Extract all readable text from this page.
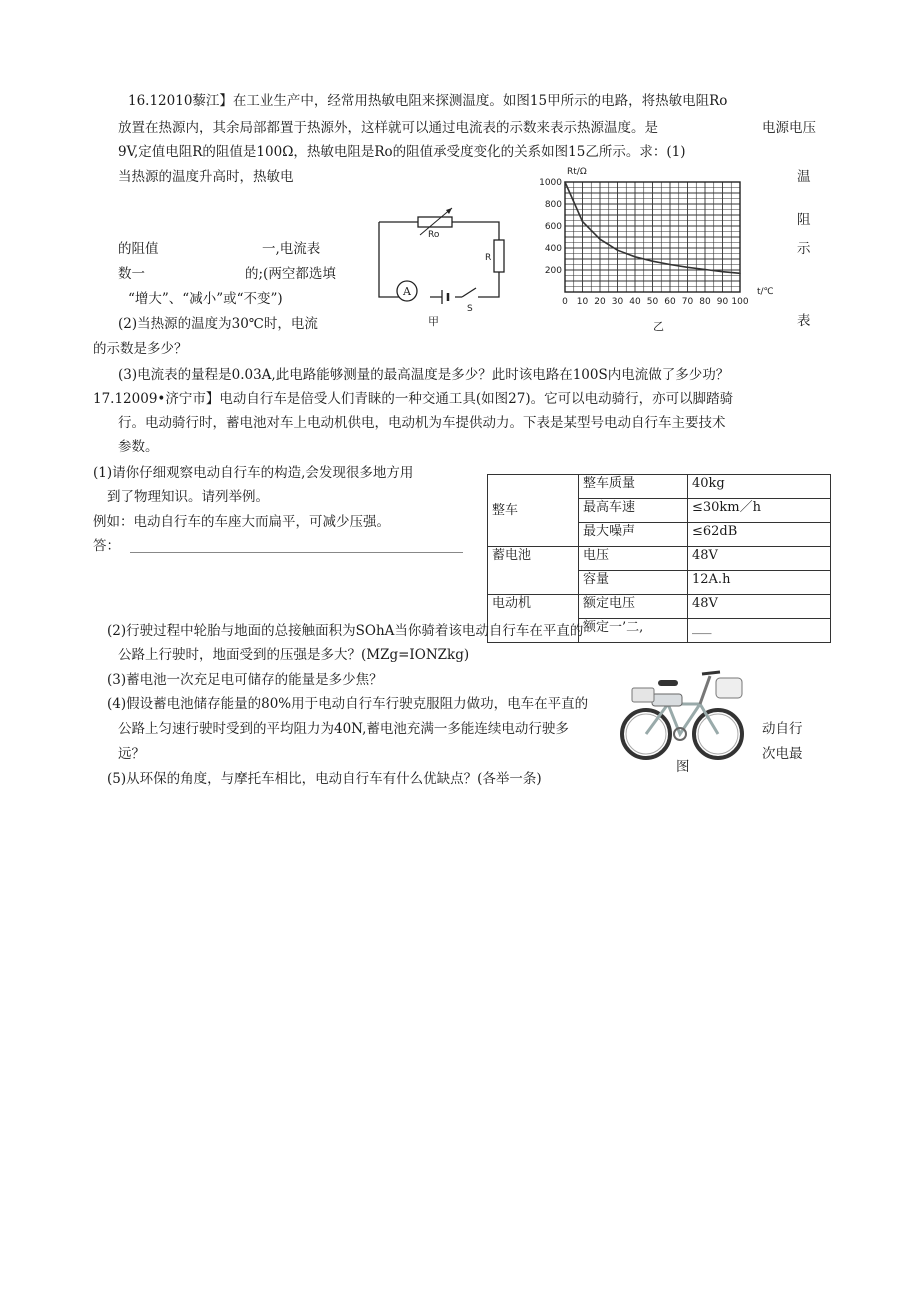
16.12010藜江】在工业生产中，经常用热敏电阻来探测温度。如图15甲所示的电路，将热敏电阻Ro
放置在热源内，其余局部都置于热源外，这样就可以通过电流表的示数来表示热源温度。是	电源电压
9V,定值电阻R的阻值是100Ω，热敏电阻是Ro的阻值承受度变化的关系如图15乙所示。求：(1)
当热源的温度升高时，热敏电	温
阻
示
表
的阻值	一,电流表
数一	的;(两空都选填
“增大”、“减小”或“不变”)
(2)当热源的温度为30℃时，电流
的示数是多少？
(3)电流表的量程是0.03A,此电路能够测量的最高温度是多少？此时该电路在100S内电流做了多少功？
Ro
R
A
S
甲
0 10 20 30 40 50 60 70 80 90 100
200
400
600
800
1000
Rt/Ω
乙
t/℃
17.12009•济宁市】电动自行车是倍受人们青睐的一种交通工具(如图27)。它可以电动骑行，亦可以脚踏骑
行。电动骑行时，蓄电池对车上电动机供电，电动机为车提供动力。下表是某型号电动自行车主要技术
参数。
(1)请你仔细观察电动自行车的构造,会发现很多地方用
到了物理知识。请列举例。
例如：电动自行车的车座大而扁平，可减少压强。
答：
整车	整车质量	40kg
	最高车速	≤30km／h
	最大噪声	≤62dB
蓄电池	电压	48V
	容量	12A.h
电动机	额定电压	48V
	额定一’二,	___
(2)行驶过程中轮胎与地面的总接触面积为SOhA当你骑着该电动自行车在平直的
公路上行驶时，地面受到的压强是多大？(MZg=IONZkg)
(3)蓄电池一次充足电可储存的能量是多少焦？
(4)假设蓄电池储存能量的80%用于电动自行车行驶克服阻力做功，电车在平直的
公路上匀速行驶时受到的平均阻力为40N,蓄电池充满一多能连续电动行驶多
远？
动自行
次电最
图
(5)从环保的角度，与摩托车相比，电动自行车有什么优缺点？(各举一条)
